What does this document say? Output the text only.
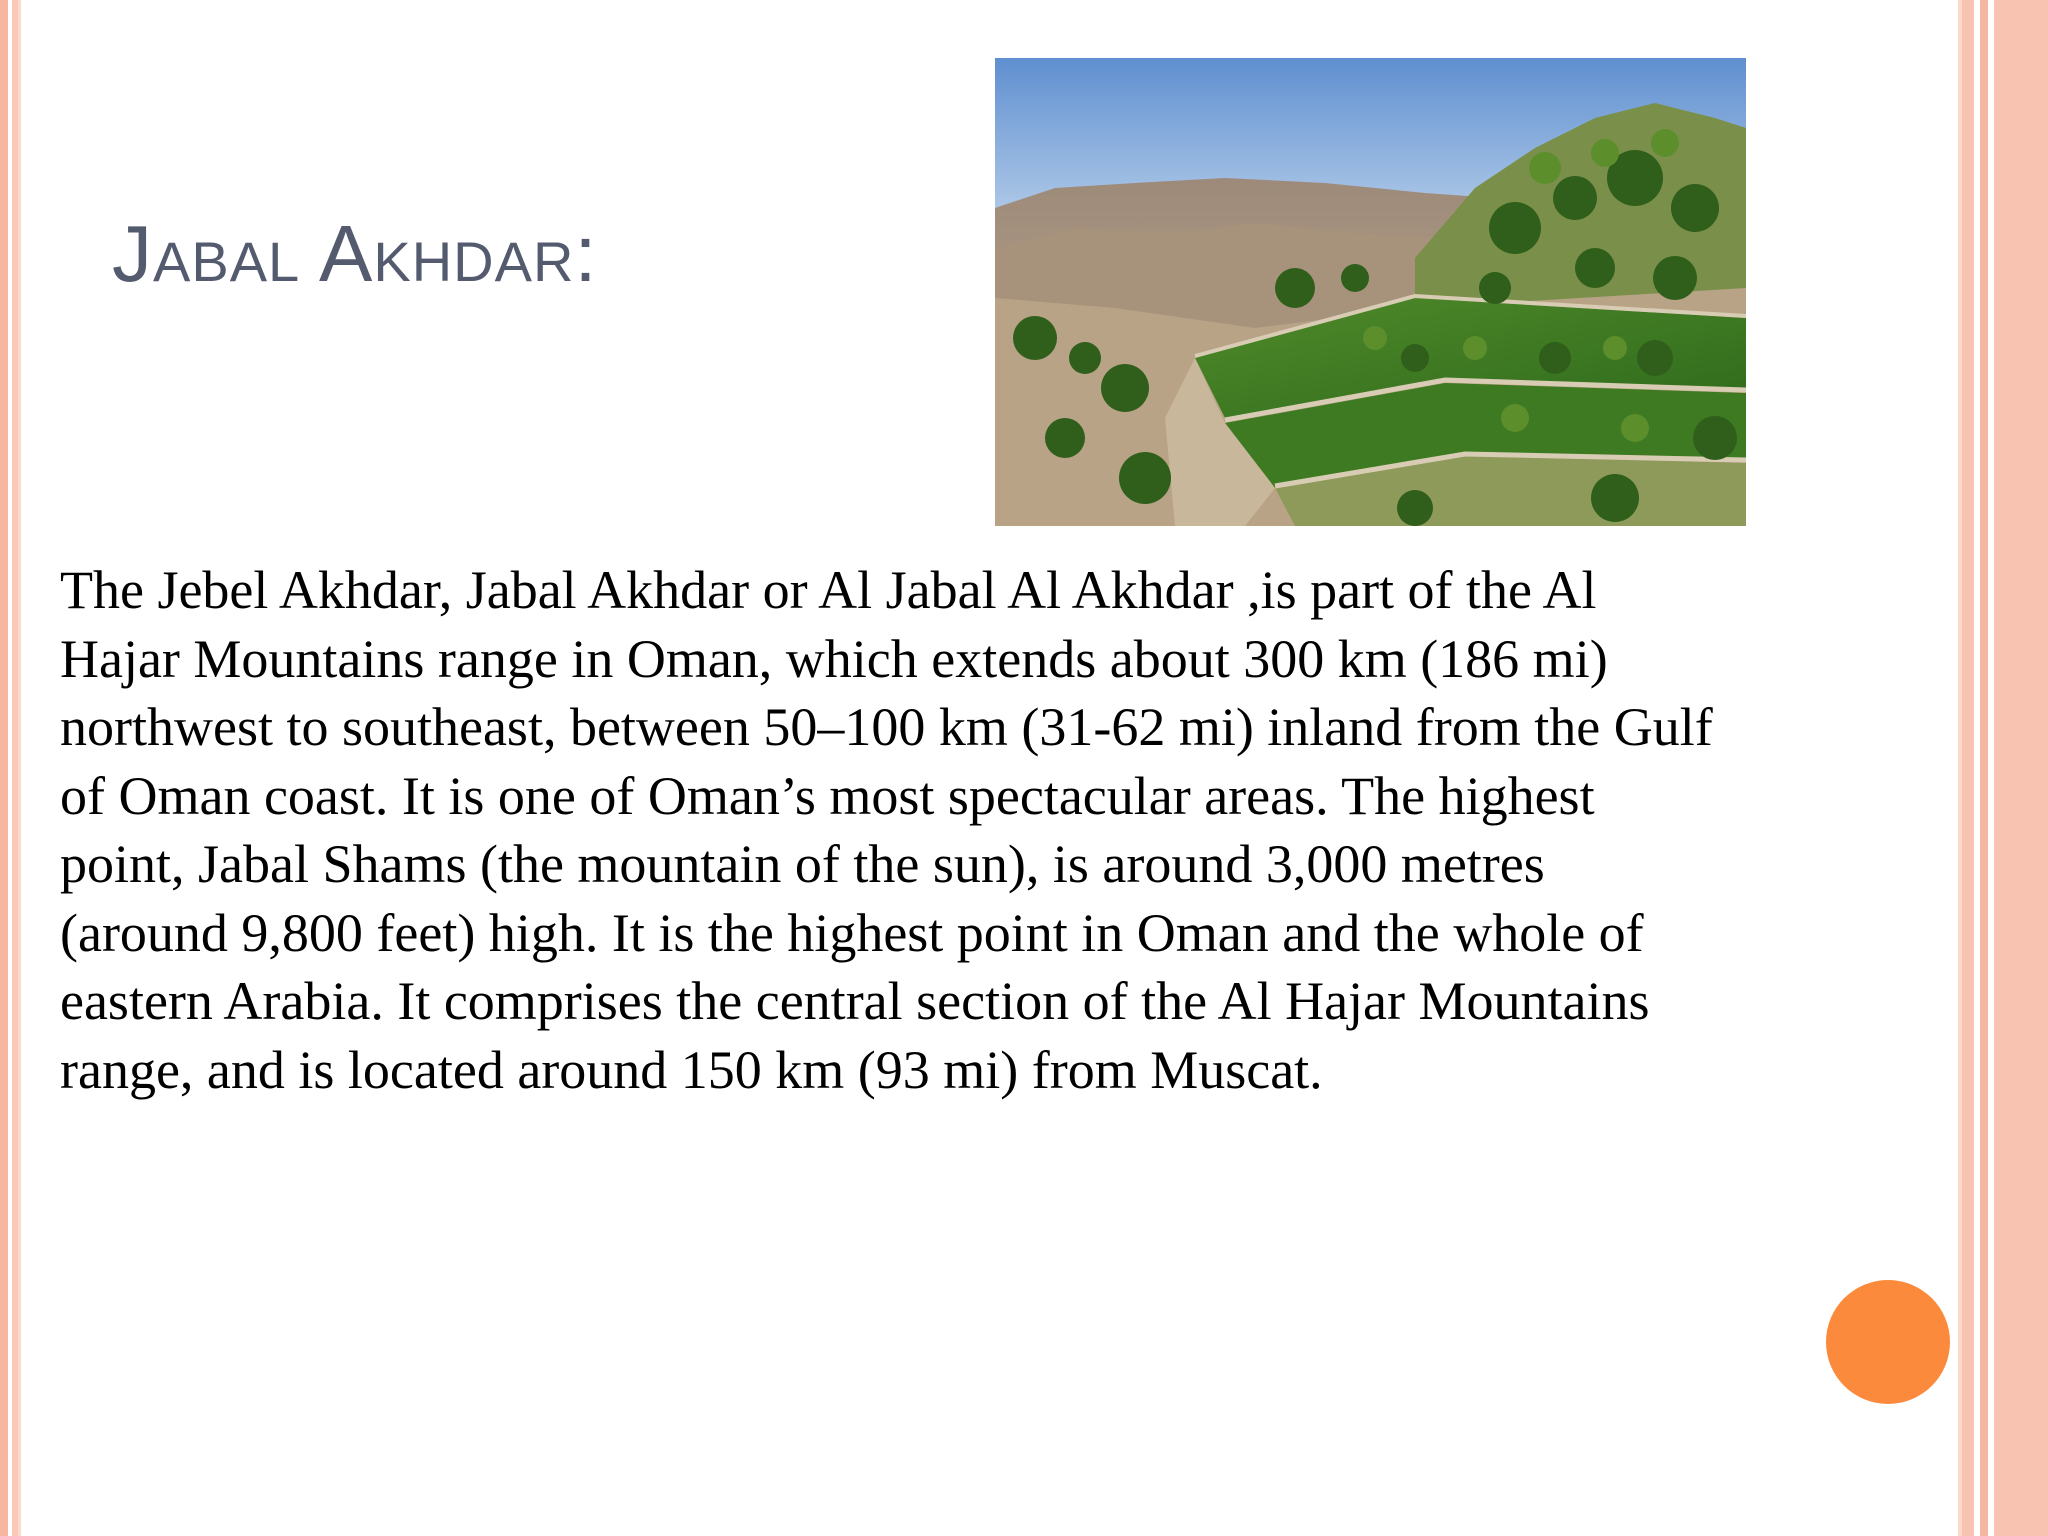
Jabal Akhdar:
The Jebel Akhdar, Jabal Akhdar or Al Jabal Al Akhdar ,is part of the Al
Hajar Mountains range in Oman, which extends about 300 km (186 mi)
northwest to southeast, between 50–100 km (31-62 mi) inland from the Gulf
of Oman coast. It is one of Oman’s most spectacular areas. The highest
point, Jabal Shams (the mountain of the sun), is around 3,000 metres
(around 9,800 feet) high. It is the highest point in Oman and the whole of
eastern Arabia. It comprises the central section of the Al Hajar Mountains
range, and is located around 150 km (93 mi) from Muscat.
